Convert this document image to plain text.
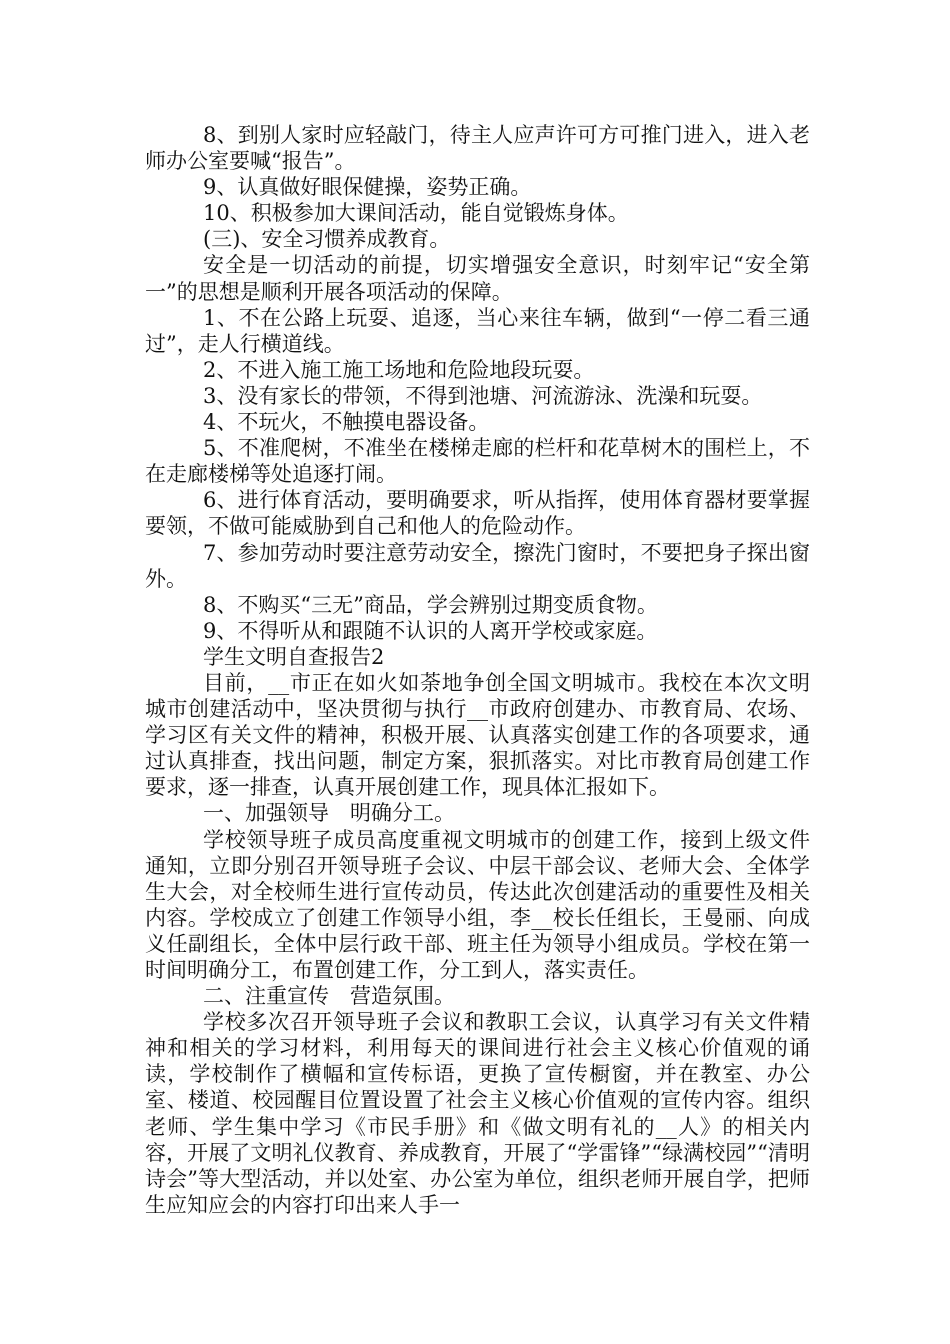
8、到别人家时应轻敲门，待主人应声许可方可推门进入，进入老师办公室要喊“报告”。

9、认真做好眼保健操，姿势正确。

10、积极参加大课间活动，能自觉锻炼身体。

(三)、安全习惯养成教育。

安全是一切活动的前提，切实增强安全意识，时刻牢记“安全第一”的思想是顺利开展各项活动的保障。

1、不在公路上玩耍、追逐，当心来往车辆，做到“一停二看三通过”，走人行横道线。

2、不进入施工施工场地和危险地段玩耍。

3、没有家长的带领，不得到池塘、河流游泳、洗澡和玩耍。

4、不玩火，不触摸电器设备。

5、不准爬树，不准坐在楼梯走廊的栏杆和花草树木的围栏上，不在走廊楼梯等处追逐打闹。

6、进行体育活动，要明确要求，听从指挥，使用体育器材要掌握要领，不做可能威胁到自己和他人的危险动作。

7、参加劳动时要注意劳动安全，擦洗门窗时，不要把身子探出窗外。

8、不购买“三无”商品，学会辨别过期变质食物。

9、不得听从和跟随不认识的人离开学校或家庭。

学生文明自查报告2

目前，__市正在如火如荼地争创全国文明城市。我校在本次文明城市创建活动中，坚决贯彻与执行__市政府创建办、市教育局、农场、学习区有关文件的精神，积极开展、认真落实创建工作的各项要求，通过认真排查，找出问题，制定方案，狠抓落实。对比市教育局创建工作要求，逐一排查，认真开展创建工作，现具体汇报如下。

一、加强领导　明确分工。

学校领导班子成员高度重视文明城市的创建工作，接到上级文件通知，立即分别召开领导班子会议、中层干部会议、老师大会、全体学生大会，对全校师生进行宣传动员，传达此次创建活动的重要性及相关内容。学校成立了创建工作领导小组，李__校长任组长，王曼丽、向成义任副组长，全体中层行政干部、班主任为领导小组成员。学校在第一时间明确分工，布置创建工作，分工到人，落实责任。

二、注重宣传　营造氛围。

学校多次召开领导班子会议和教职工会议，认真学习有关文件精神和相关的学习材料，利用每天的课间进行社会主义核心价值观的诵读，学校制作了横幅和宣传标语，更换了宣传橱窗，并在教室、办公室、楼道、校园醒目位置设置了社会主义核心价值观的宣传内容。组织老师、学生集中学习《市民手册》和《做文明有礼的__人》的相关内容，开展了文明礼仪教育、养成教育，开展了“学雷锋”“绿满校园”“清明诗会”等大型活动，并以处室、办公室为单位，组织老师开展自学，把师生应知应会的内容打印出来人手一
